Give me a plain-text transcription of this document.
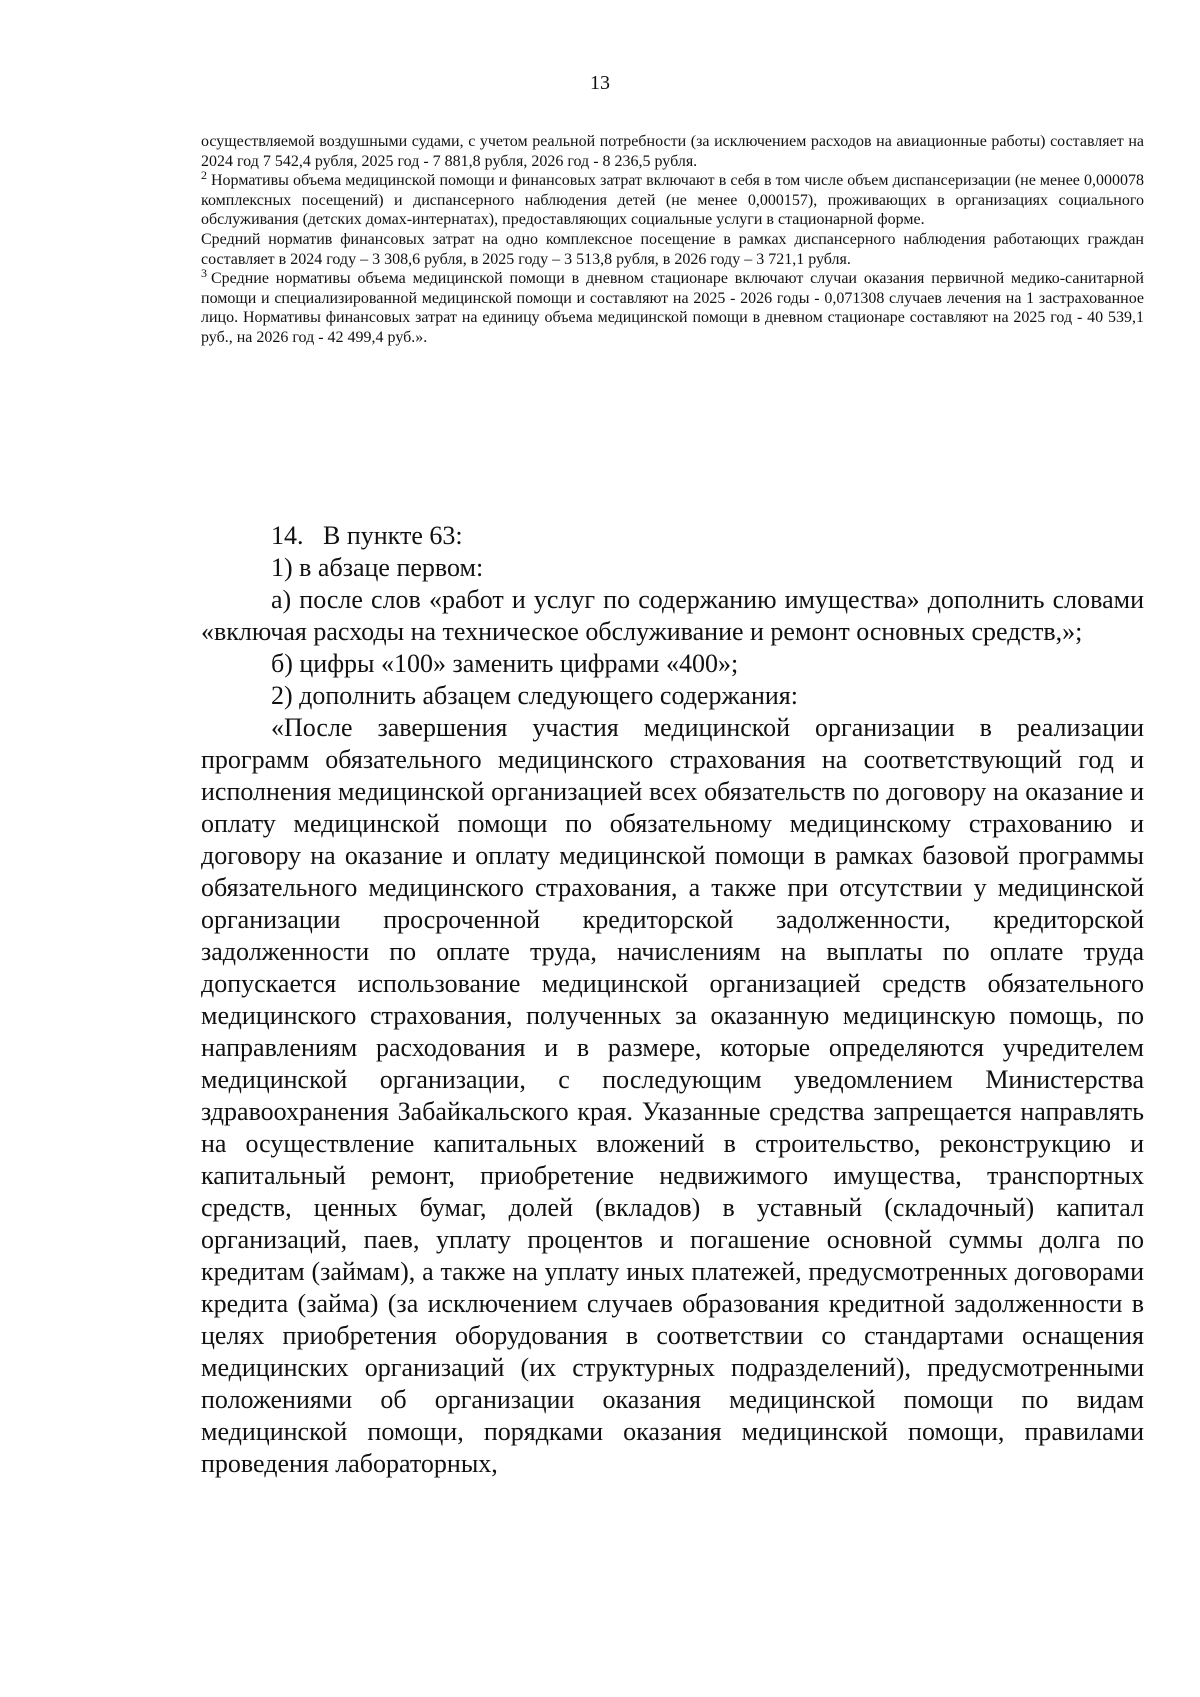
13

осуществляемой воздушными судами, с учетом реальной потребности (за исключением расходов на авиационные работы) составляет на 2024 год 7 542,4 рубля, 2025 год - 7 881,8 рубля, 2026 год - 8 236,5 рубля.

$^2$ Нормативы объема медицинской помощи и финансовых затрат включают в себя в том числе объем диспансеризации (не менее 0,000078 комплексных посещений) и диспансерного наблюдения детей (не менее 0,000157), проживающих в организациях социального обслуживания (детских домах-интернатах), предоставляющих социальные услуги в стационарной форме.

Средний норматив финансовых затрат на одно комплексное посещение в рамках диспансерного наблюдения работающих граждан составляет в 2024 году – 3 308,6 рубля, в 2025 году – 3 513,8 рубля, в 2026 году – 3 721,1 рубля.

$^3$ Средние нормативы объема медицинской помощи в дневном стационаре включают случаи оказания первичной медико-санитарной помощи и специализированной медицинской помощи и составляют на 2025 - 2026 годы - 0,071308 случаев лечения на 1 застрахованное лицо. Нормативы финансовых затрат на единицу объема медицинской помощи в дневном стационаре составляют на 2025 год - 40 539,1 руб., на 2026 год - 42 499,4 руб.».

14. В пункте 63:

1) в абзаце первом:

а) после слов «работ и услуг по содержанию имущества» дополнить словами «включая расходы на техническое обслуживание и ремонт основных средств,»;

б) цифры «100» заменить цифрами «400»;

2) дополнить абзацем следующего содержания:

«После завершения участия медицинской организации в реализации программ обязательного медицинского страхования на соответствующий год и исполнения медицинской организацией всех обязательств по договору на оказание и оплату медицинской помощи по обязательному медицинскому страхованию и договору на оказание и оплату медицинской помощи в рамках базовой программы обязательного медицинского страхования, а также при отсутствии у медицинской организации просроченной кредиторской задолженности, кредиторской задолженности по оплате труда, начислениям на выплаты по оплате труда допускается использование медицинской организацией средств обязательного медицинского страхования, полученных за оказанную медицинскую помощь, по направлениям расходования и в размере, которые определяются учредителем медицинской организации, с последующим уведомлением Министерства здравоохранения Забайкальского края. Указанные средства запрещается направлять на осуществление капитальных вложений в строительство, реконструкцию и капитальный ремонт, приобретение недвижимого имущества, транспортных средств, ценных бумаг, долей (вкладов) в уставный (складочный) капитал организаций, паев, уплату процентов и погашение основной суммы долга по кредитам (займам), а также на уплату иных платежей, предусмотренных договорами кредита (займа) (за исключением случаев образования кредитной задолженности в целях приобретения оборудования в соответствии со стандартами оснащения медицинских организаций (их структурных подразделений), предусмотренными положениями об организации оказания медицинской помощи по видам медицинской помощи, порядками оказания медицинской помощи, правилами проведения лабораторных,
